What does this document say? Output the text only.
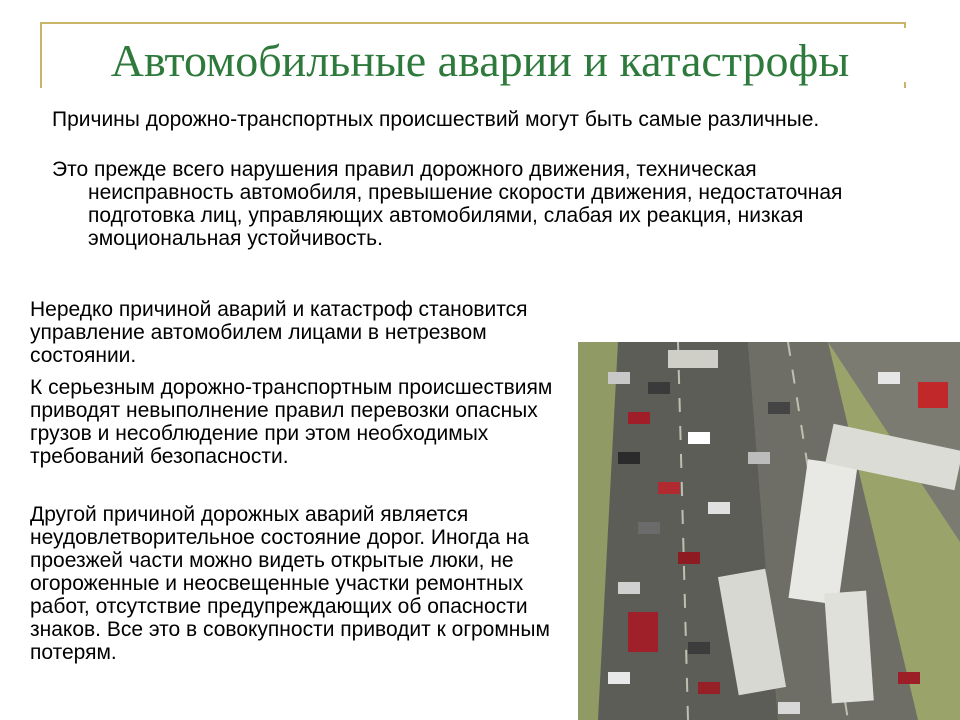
Автомобильные аварии и катастрофы

Причины дорожно-транспортных происшествий могут быть самые различные.

Это прежде всего нарушения правил дорожного движения, техническая неисправность автомобиля, превышение скорости движения, недостаточная подготовка лиц, управляющих автомобилями, слабая их реакция, низкая эмоциональная устойчивость.

Нередко причиной аварий и катастроф становится управление автомобилем лицами в нетрезвом состоянии.

К серьезным дорожно-транспортным происшествиям приводят невыполнение правил перевозки опасных грузов и несоблюдение при этом необходимых требований безопасности.

Другой причиной дорожных аварий является неудовлетворительное состояние дорог. Иногда на проезжей части можно видеть открытые люки, не огороженные и неосвещенные участки ремонтных работ, отсутствие предупреждающих об опасности знаков. Все это в совокупности приводит к огромным потерям.
